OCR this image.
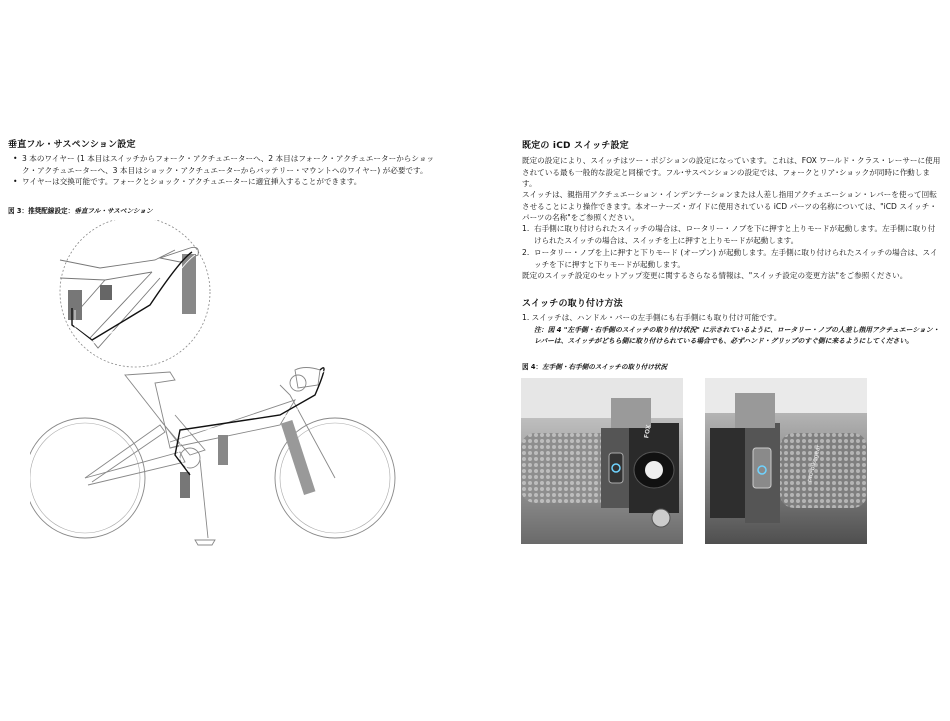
垂直フル・サスペンション設定
• 3 本のワイヤー (1 本目はスイッチからフォーク・アクチュエーターへ、2 本目はフォーク・アクチュエーターからショック・アクチュエーターへ、3 本目はショック・アクチュエーターからバッテリー・マウントへのワイヤー) が必要です。
• ワイヤーは交換可能です。フォークとショック・アクチュエーターに適宜挿入することができます。
図 3：推奨配線設定：垂直フル・サスペンション
既定の iCD スイッチ設定
既定の設定により、スイッチはツー・ポジションの設定になっています。これは、FOX ワールド・クラス・レーサーに使用されている最も一般的な設定と同様です。フル･サスペンションの設定では、フォークとリア･ショックが同時に作動します。
スイッチは、親指用アクチュエーション・インデンテーションまたは人差し指用アクチュエーション・レバーを使って回転させることにより操作できます。本オーナーズ・ガイドに使用されている iCD パーツの名称については、"iCD スイッチ・パーツの名称"をご参照ください。
1. 右手側に取り付けられたスイッチの場合は、ロータリー・ノブを下に押すと上りモードが起動します。左手側に取り付けられたスイッチの場合は、スイッチを上に押すと上りモードが起動します。
2. ロータリー・ノブを上に押すと下りモード (オープン) が起動します。左手側に取り付けられたスイッチの場合は、スイッチを下に押すと下りモードが起動します。
既定のスイッチ設定のセットアップ変更に関するさらなる情報は、"スイッチ設定の変更方法"をご参照ください。
スイッチの取り付け方法
1. スイッチは、ハンドル・バーの左手側にも右手側にも取り付け可能です。
注：図 4 "左手側・右手側のスイッチの取り付け状況" に示されているように、ロータリー・ノブの人差し指用アクチュエーション・レバーは、スイッチがどちら側に取り付けられている場合でも、必ずハンド・グリップのすぐ側に来るようにしてください。
図 4：左手側・右手側のスイッチの取り付け状況
FOX
pro-bikegear
